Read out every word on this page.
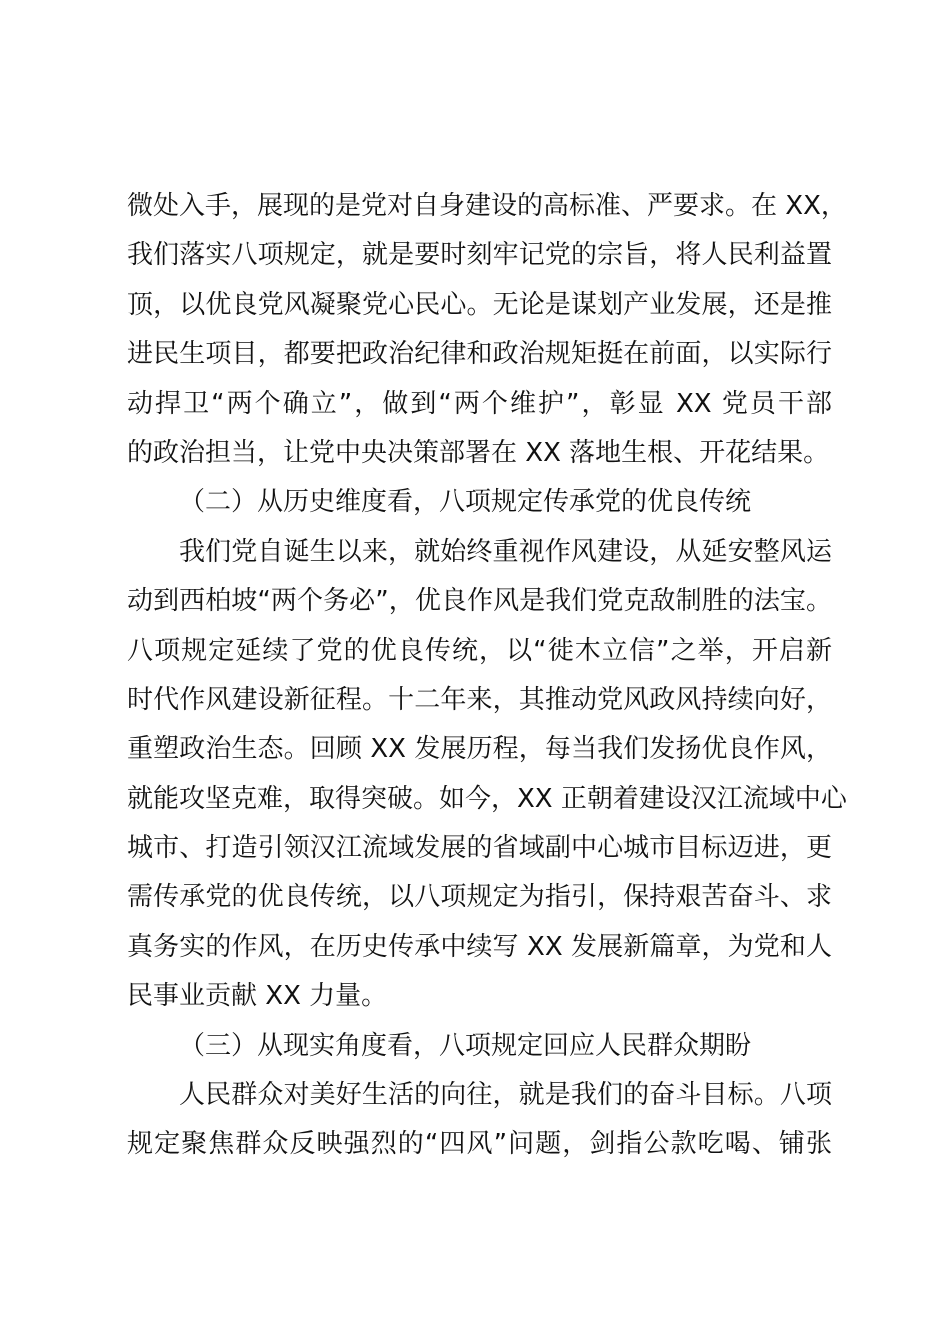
微处入手，展现的是党对自身建设的高标准、严要求。在 XX，
我们落实八项规定，就是要时刻牢记党的宗旨，将人民利益置
顶，以优良党风凝聚党心民心。无论是谋划产业发展，还是推
进民生项目，都要把政治纪律和政治规矩挺在前面，以实际行
动捍卫“两个确立”，做到“两个维护”，彰显 XX 党员干部
的政治担当，让党中央决策部署在 XX 落地生根、开花结果。
（二）从历史维度看，八项规定传承党的优良传统
我们党自诞生以来，就始终重视作风建设，从延安整风运
动到西柏坡“两个务必”，优良作风是我们党克敌制胜的法宝。
八项规定延续了党的优良传统，以“徙木立信”之举，开启新
时代作风建设新征程。十二年来，其推动党风政风持续向好，
重塑政治生态。回顾 XX 发展历程，每当我们发扬优良作风，
就能攻坚克难，取得突破。如今，XX 正朝着建设汉江流域中心
城市、打造引领汉江流域发展的省域副中心城市目标迈进，更
需传承党的优良传统，以八项规定为指引，保持艰苦奋斗、求
真务实的作风，在历史传承中续写 XX 发展新篇章，为党和人
民事业贡献 XX 力量。
（三）从现实角度看，八项规定回应人民群众期盼
人民群众对美好生活的向往，就是我们的奋斗目标。八项
规定聚焦群众反映强烈的“四风”问题，剑指公款吃喝、铺张
